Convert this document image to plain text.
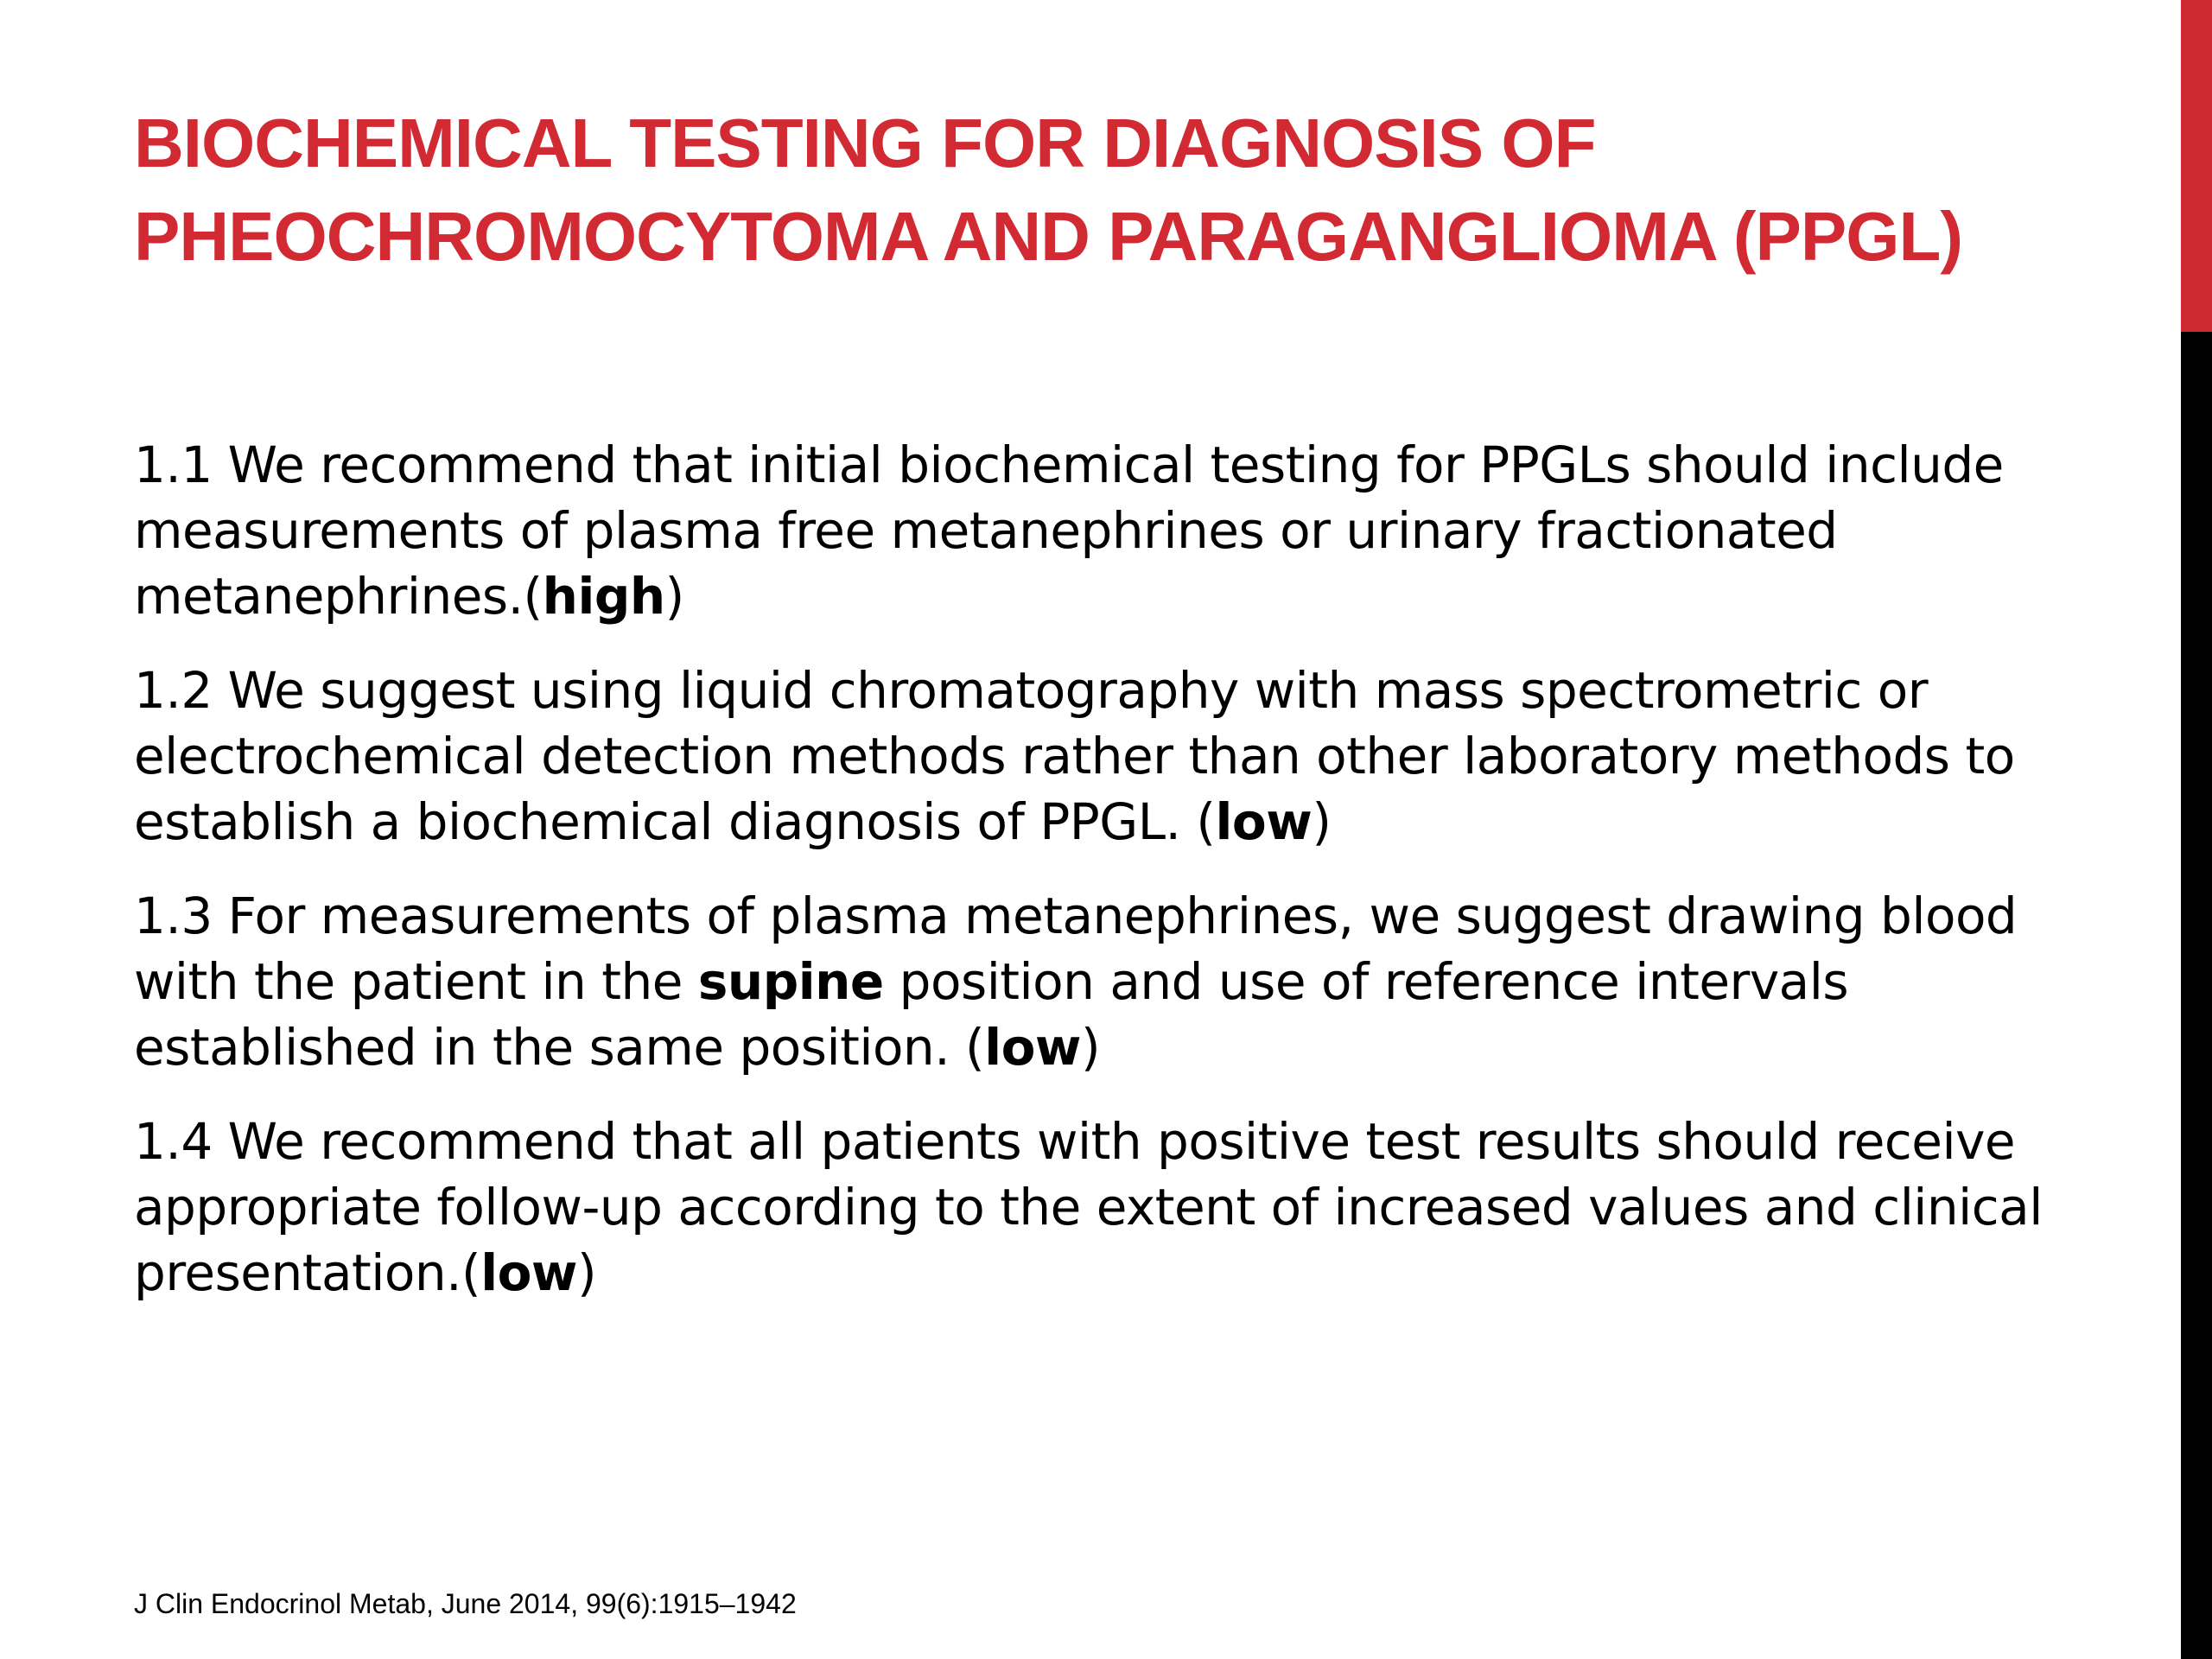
BIOCHEMICAL TESTING FOR DIAGNOSIS OF PHEOCHROMOCYTOMA AND PARAGANGLIOMA (PPGL)

1.1 We recommend that initial biochemical testing for PPGLs should include measurements of plasma free metanephrines or urinary fractionated metanephrines.(high)

1.2 We suggest using liquid chromatography with mass spectrometric or electrochemical detection methods rather than other laboratory methods to establish a biochemical diagnosis of PPGL. (low)

1.3 For measurements of plasma metanephrines, we suggest drawing blood with the patient in the supine position and use of reference intervals established in the same position. (low)

1.4 We recommend that all patients with positive test results should receive appropriate follow-up according to the extent of increased values and clinical presentation.(low)

J Clin Endocrinol Metab, June 2014, 99(6):1915–1942
